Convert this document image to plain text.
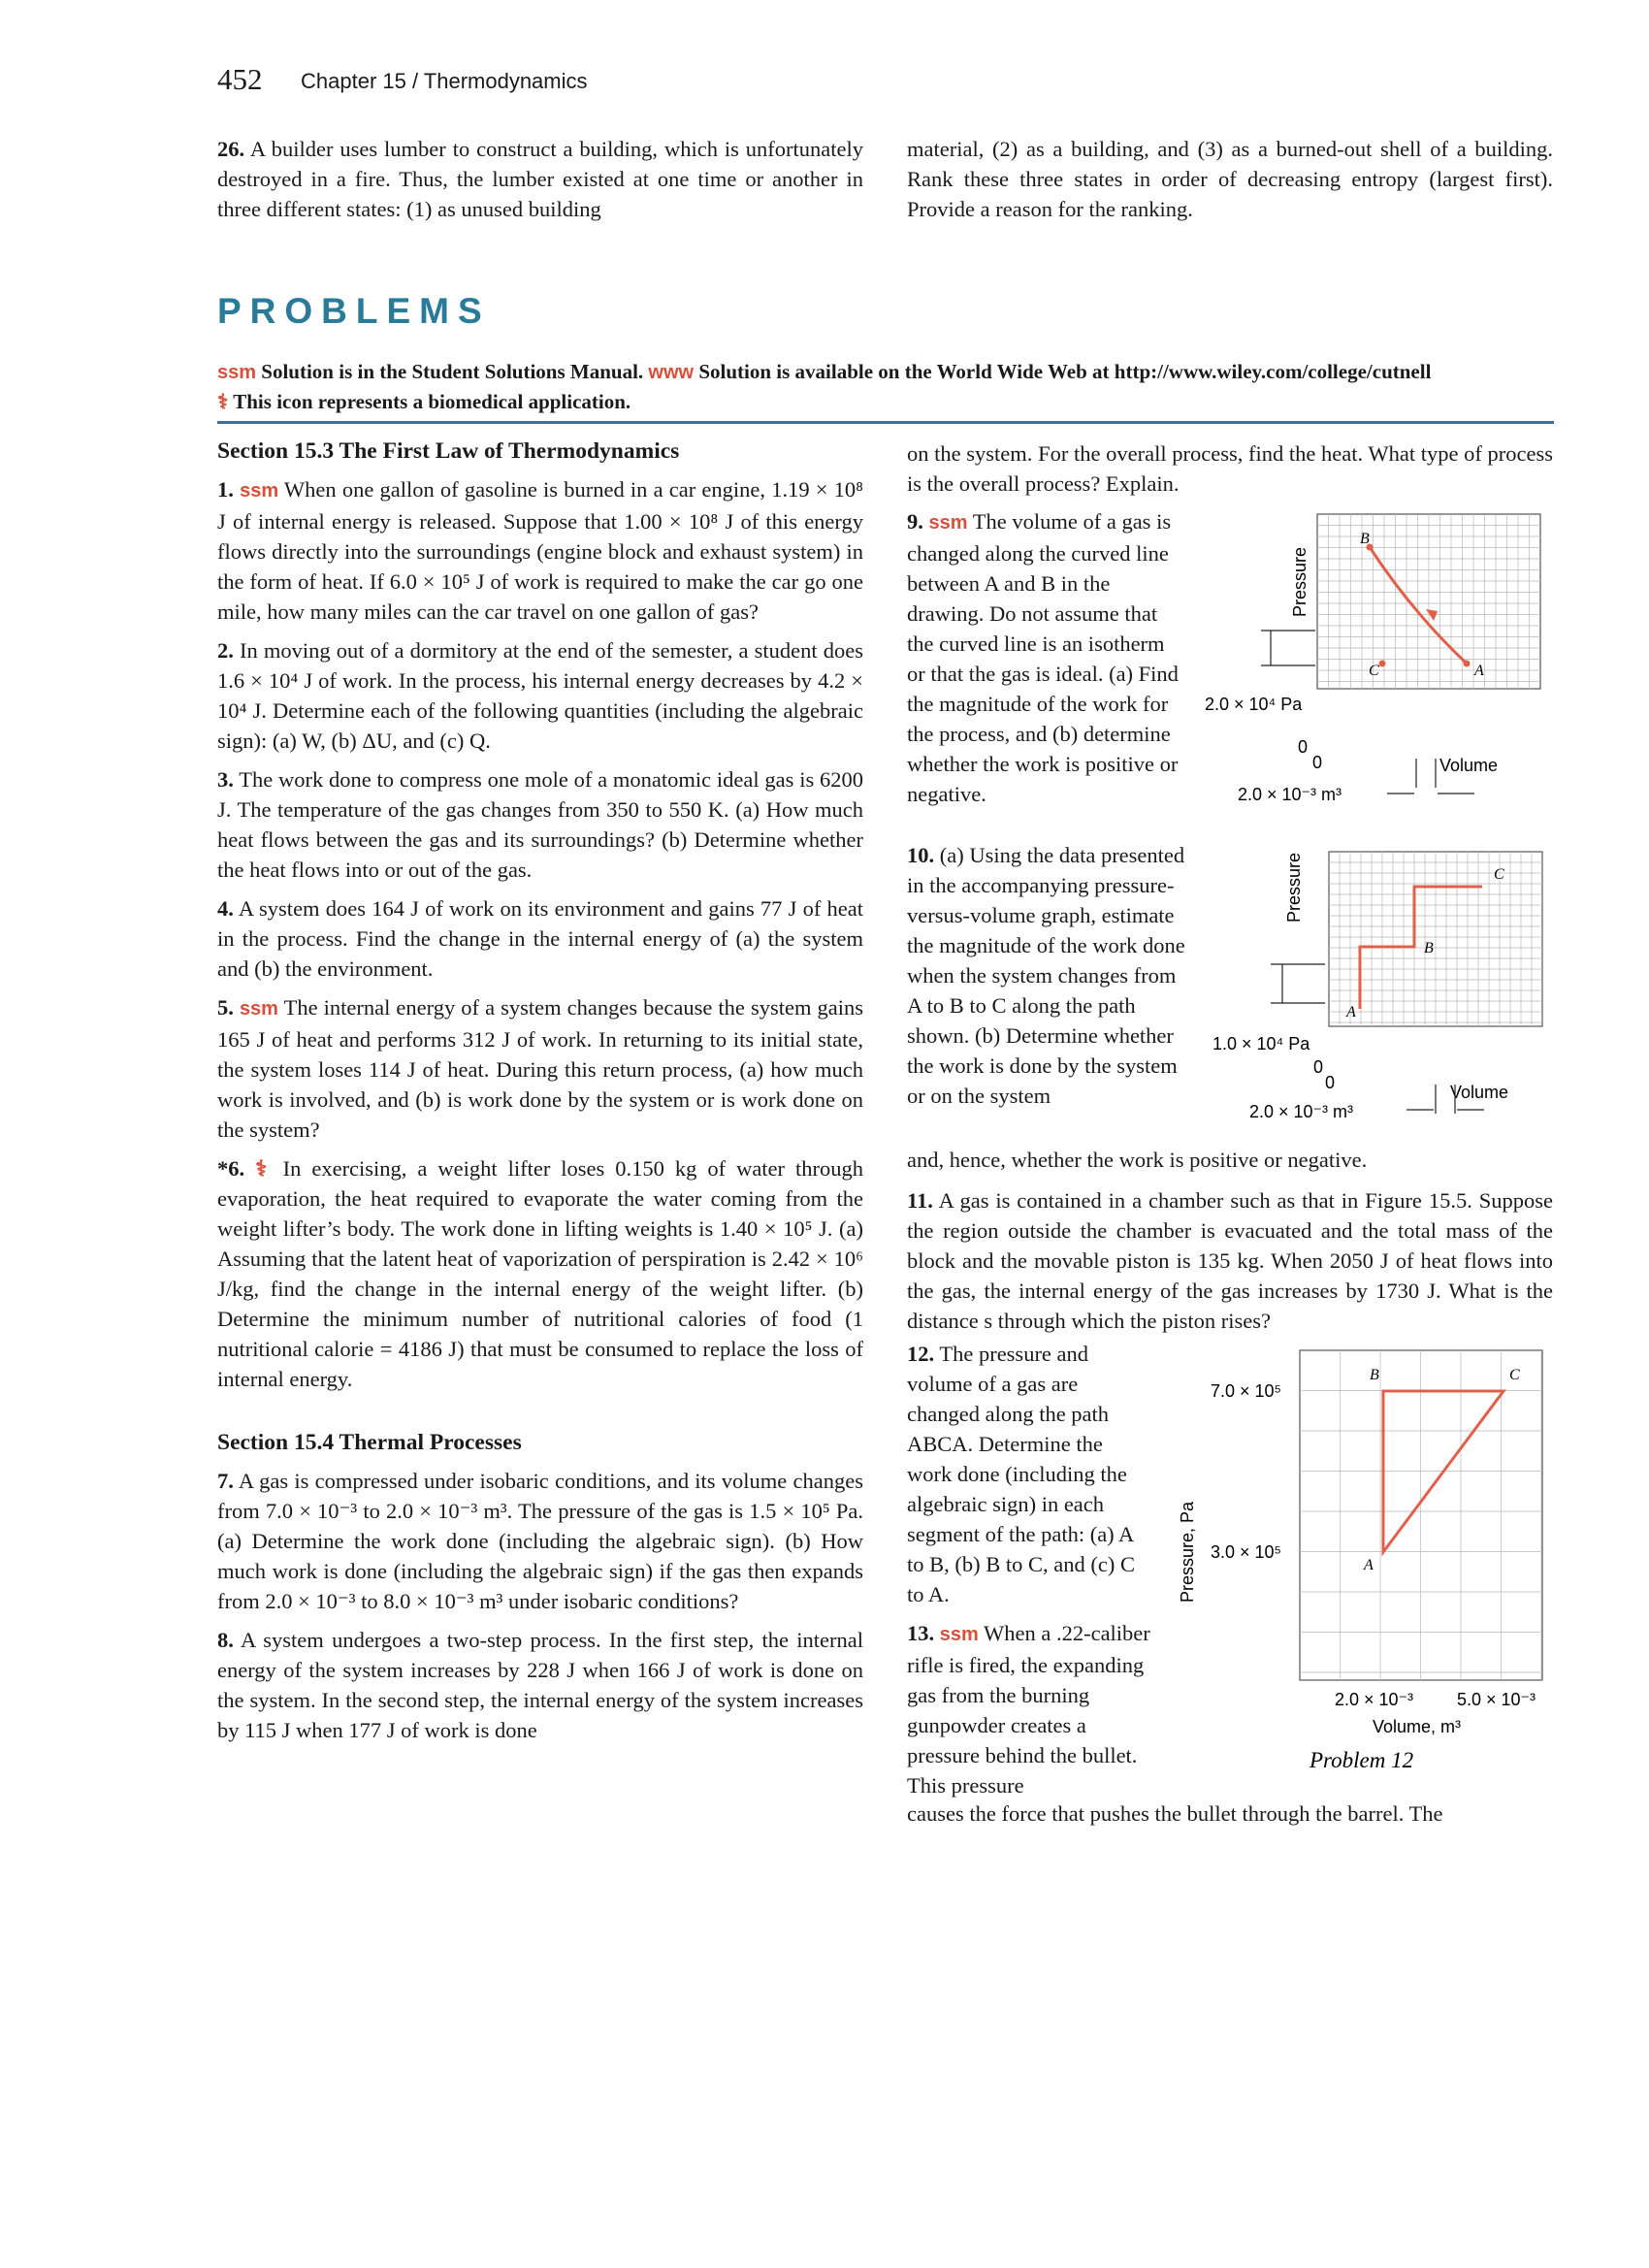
452 Chapter 15 / Thermodynamics
26. A builder uses lumber to construct a building, which is unfortunately destroyed in a fire. Thus, the lumber existed at one time or another in three different states: (1) as unused building
material, (2) as a building, and (3) as a burned-out shell of a building. Rank these three states in order of decreasing entropy (largest first). Provide a reason for the ranking.
PROBLEMS
ssm Solution is in the Student Solutions Manual. www Solution is available on the World Wide Web at http://www.wiley.com/college/cutnell
⚕ This icon represents a biomedical application.
Section 15.3 The First Law of Thermodynamics

1. ssm When one gallon of gasoline is burned in a car engine, 1.19 × 10⁸ J of internal energy is released. Suppose that 1.00 × 10⁸ J of this energy flows directly into the surroundings (engine block and exhaust system) in the form of heat. If 6.0 × 10⁵ J of work is required to make the car go one mile, how many miles can the car travel on one gallon of gas?

2. In moving out of a dormitory at the end of the semester, a student does 1.6 × 10⁴ J of work. In the process, his internal energy decreases by 4.2 × 10⁴ J. Determine each of the following quantities (including the algebraic sign): (a) W, (b) ΔU, and (c) Q.

3. The work done to compress one mole of a monatomic ideal gas is 6200 J. The temperature of the gas changes from 350 to 550 K. (a) How much heat flows between the gas and its surroundings? (b) Determine whether the heat flows into or out of the gas.

4. A system does 164 J of work on its environment and gains 77 J of heat in the process. Find the change in the internal energy of (a) the system and (b) the environment.

5. ssm The internal energy of a system changes because the system gains 165 J of heat and performs 312 J of work. In returning to its initial state, the system loses 114 J of heat. During this return process, (a) how much work is involved, and (b) is work done by the system or is work done on the system?

*6. ⚕ In exercising, a weight lifter loses 0.150 kg of water through evaporation, the heat required to evaporate the water coming from the weight lifter’s body. The work done in lifting weights is 1.40 × 10⁵ J. (a) Assuming that the latent heat of vaporization of perspiration is 2.42 × 10⁶ J/kg, find the change in the internal energy of the weight lifter. (b) Determine the minimum number of nutritional calories of food (1 nutritional calorie = 4186 J) that must be consumed to replace the loss of internal energy.

Section 15.4 Thermal Processes

7. A gas is compressed under isobaric conditions, and its volume changes from 7.0 × 10⁻³ to 2.0 × 10⁻³ m³. The pressure of the gas is 1.5 × 10⁵ Pa. (a) Determine the work done (including the algebraic sign). (b) How much work is done (including the algebraic sign) if the gas then expands from 2.0 × 10⁻³ to 8.0 × 10⁻³ m³ under isobaric conditions?

8. A system undergoes a two-step process. In the first step, the internal energy of the system increases by 228 J when 166 J of work is done on the system. In the second step, the internal energy of the system increases by 115 J when 177 J of work is done

on the system. For the overall process, find the heat. What type of process is the overall process? Explain.
9. ssm The volume of a gas is changed along the curved line between A and B in the drawing. Do not assume that the curved line is an isotherm or that the gas is ideal. (a) Find the magnitude of the work for the process, and (b) determine whether the work is positive or negative.
Pressure
2.0 × 10⁴ Pa
0
0	Volume
2.0 × 10⁻³ m³
B
C	A
10. (a) Using the data presented in the accompanying pressure-versus-volume graph, estimate the magnitude of the work done when the system changes from A to B to C along the path shown. (b) Determine whether the work is done by the system or on the system
and, hence, whether the work is positive or negative.
Pressure
1.0 × 10⁴ Pa
0
0	Volume
2.0 × 10⁻³ m³
A
B
C
11. A gas is contained in a chamber such as that in Figure 15.5. Suppose the region outside the chamber is evacuated and the total mass of the block and the movable piston is 135 kg. When 2050 J of heat flows into the gas, the internal energy of the gas increases by 1730 J. What is the distance s through which the piston rises?
12. The pressure and volume of a gas are changed along the path ABCA. Determine the work done (including the algebraic sign) in each segment of the path: (a) A to B, (b) B to C, and (c) C to A.
13. ssm When a .22-caliber rifle is fired, the expanding gas from the burning gunpowder creates a pressure behind the bullet. This pressure
causes the force that pushes the bullet through the barrel. The
Pressure, Pa
7.0 × 10⁵
3.0 × 10⁵
2.0 × 10⁻³ 5.0 × 10⁻³
Volume, m³
Problem 12
B	C
A
